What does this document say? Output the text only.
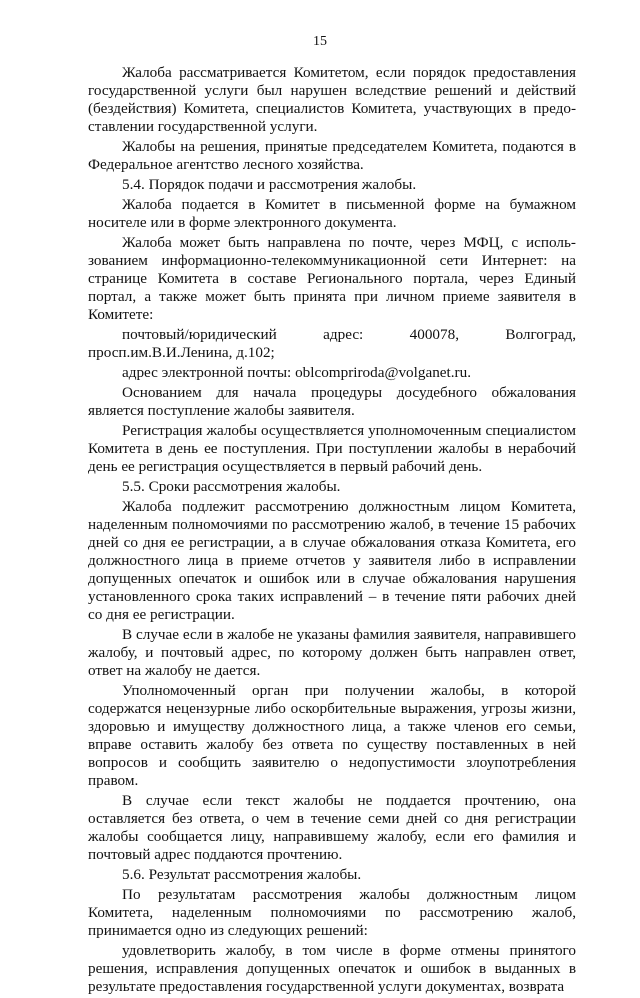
15

Жалоба рассматривается Комитетом, если порядок предоставления государственной услуги был нарушен вследствие решений и действий (бездействия) Комитета, специалистов Комитета, участвующих в предо-ставлении государственной услуги.

Жалобы на решения, принятые председателем Комитета, подаются в Федеральное агентство лесного хозяйства.

5.4. Порядок подачи и рассмотрения жалобы.

Жалоба подается в Комитет в письменной форме на бумажном носителе или в форме электронного документа.

Жалоба может быть направлена по почте, через МФЦ, с исполь-зованием информационно-телекоммуникационной сети Интернет: на странице Комитета в составе Регионального портала, через Единый портал, а также может быть принята при личном приеме заявителя в Комитете:

почтовый/юридический адрес: 400078, Волгоград, просп.им.В.И.Ленина, д.102;

адрес электронной почты: oblcomprirodа@volganet.ru.

Основанием для начала процедуры досудебного обжалования является поступление жалобы заявителя.

Регистрация жалобы осуществляется уполномоченным специалистом Комитета в день ее поступления. При поступлении жалобы в нерабочий день ее регистрация осуществляется в первый рабочий день.

5.5. Сроки рассмотрения жалобы.

Жалоба подлежит рассмотрению должностным лицом Комитета, наделенным полномочиями по рассмотрению жалоб, в течение 15 рабочих дней со дня ее регистрации, а в случае обжалования отказа Комитета, его должностного лица в приеме отчетов у заявителя либо в исправлении допущенных опечаток и ошибок или в случае обжалования нарушения установленного срока таких исправлений – в течение пяти рабочих дней со дня ее регистрации.

В случае если в жалобе не указаны фамилия заявителя, направившего жалобу, и почтовый адрес, по которому должен быть направлен ответ, ответ на жалобу не дается.

Уполномоченный орган при получении жалобы, в которой содержатся нецензурные либо оскорбительные выражения, угрозы жизни, здоровью и имуществу должностного лица, а также членов его семьи, вправе оставить жалобу без ответа по существу поставленных в ней вопросов и сообщить заявителю о недопустимости злоупотребления правом.

В случае если текст жалобы не поддается прочтению, она оставляется без ответа, о чем в течение семи дней со дня регистрации жалобы сообщается лицу, направившему жалобу, если его фамилия и почтовый адрес поддаются прочтению.

5.6. Результат рассмотрения жалобы.

По результатам рассмотрения жалобы должностным лицом Комитета, наделенным полномочиями по рассмотрению жалоб, принимается одно из следующих решений:

удовлетворить жалобу, в том числе в форме отмены принятого решения, исправления допущенных опечаток и ошибок в выданных в результате предоставления государственной услуги документах, возврата
